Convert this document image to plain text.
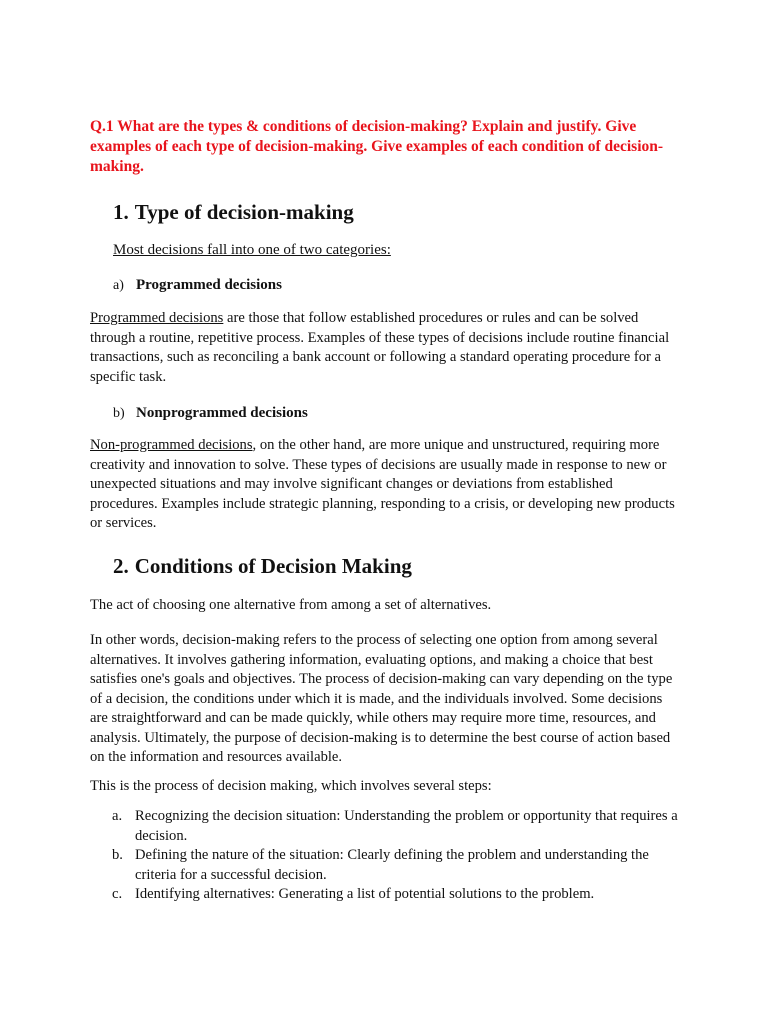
Q.1 What are the types & conditions of decision-making? Explain and justify. Give examples of each type of decision-making. Give examples of each condition of decision-making.
1. Type of decision-making
Most decisions fall into one of two categories:
a) Programmed decisions
Programmed decisions are those that follow established procedures or rules and can be solved through a routine, repetitive process. Examples of these types of decisions include routine financial transactions, such as reconciling a bank account or following a standard operating procedure for a specific task.
b) Nonprogrammed decisions
Non-programmed decisions, on the other hand, are more unique and unstructured, requiring more creativity and innovation to solve. These types of decisions are usually made in response to new or unexpected situations and may involve significant changes or deviations from established procedures. Examples include strategic planning, responding to a crisis, or developing new products or services.
2. Conditions of Decision Making
The act of choosing one alternative from among a set of alternatives.
In other words, decision-making refers to the process of selecting one option from among several alternatives. It involves gathering information, evaluating options, and making a choice that best satisfies one's goals and objectives. The process of decision-making can vary depending on the type of a decision, the conditions under which it is made, and the individuals involved. Some decisions are straightforward and can be made quickly, while others may require more time, resources, and analysis. Ultimately, the purpose of decision-making is to determine the best course of action based on the information and resources available.
This is the process of decision making, which involves several steps:
a. Recognizing the decision situation: Understanding the problem or opportunity that requires a decision.
b. Defining the nature of the situation: Clearly defining the problem and understanding the criteria for a successful decision.
c. Identifying alternatives: Generating a list of potential solutions to the problem.
